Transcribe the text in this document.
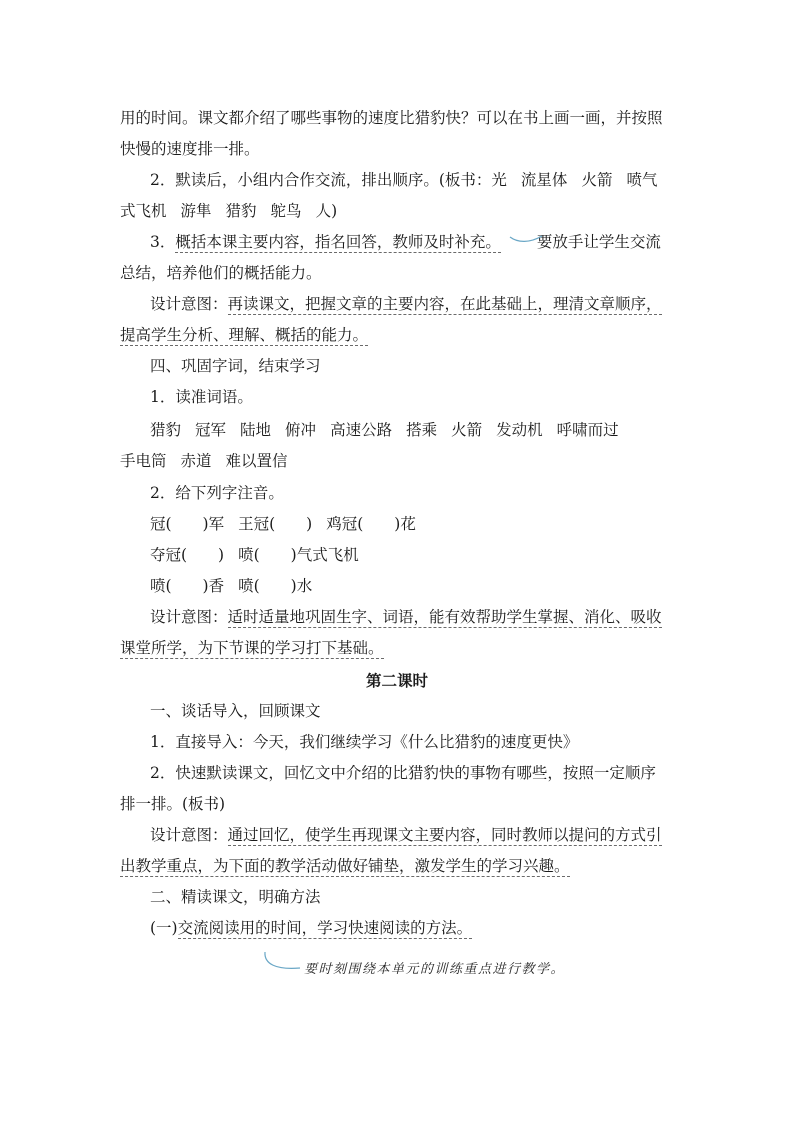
用的时间。课文都介绍了哪些事物的速度比猎豹快？可以在书上画一画，并按照
快慢的速度排一排。
2．默读后，小组内合作交流，排出顺序。(板书：光 流星体 火箭 喷气
式飞机 游隼 猎豹 鸵鸟 人)
3．概括本课主要内容，指名回答，教师及时补充。 要放手让学生交流
总结，培养他们的概括能力。
设计意图：再读课文，把握文章的主要内容，在此基础上，理清文章顺序，
提高学生分析、理解、概括的能力。
四、巩固字词，结束学习
1．读准词语。
猎豹 冠军 陆地 俯冲 高速公路 搭乘 火箭 发动机 呼啸而过
手电筒 赤道 难以置信
2．给下列字注音。
冠(　　)军 王冠(　　) 鸡冠(　　)花
夺冠(　　) 喷(　　)气式飞机
喷(　　)香 喷(　　)水
设计意图：适时适量地巩固生字、词语，能有效帮助学生掌握、消化、吸收
课堂所学，为下节课的学习打下基础。
第二课时
一、谈话导入，回顾课文
1．直接导入：今天，我们继续学习《什么比猎豹的速度更快》
2．快速默读课文，回忆文中介绍的比猎豹快的事物有哪些，按照一定顺序
排一排。(板书)
设计意图：通过回忆，使学生再现课文主要内容，同时教师以提问的方式引
出教学重点，为下面的教学活动做好铺垫，激发学生的学习兴趣。
二、精读课文，明确方法
(一)交流阅读用的时间，学习快速阅读的方法。
要时刻围绕本单元的训练重点进行教学。
